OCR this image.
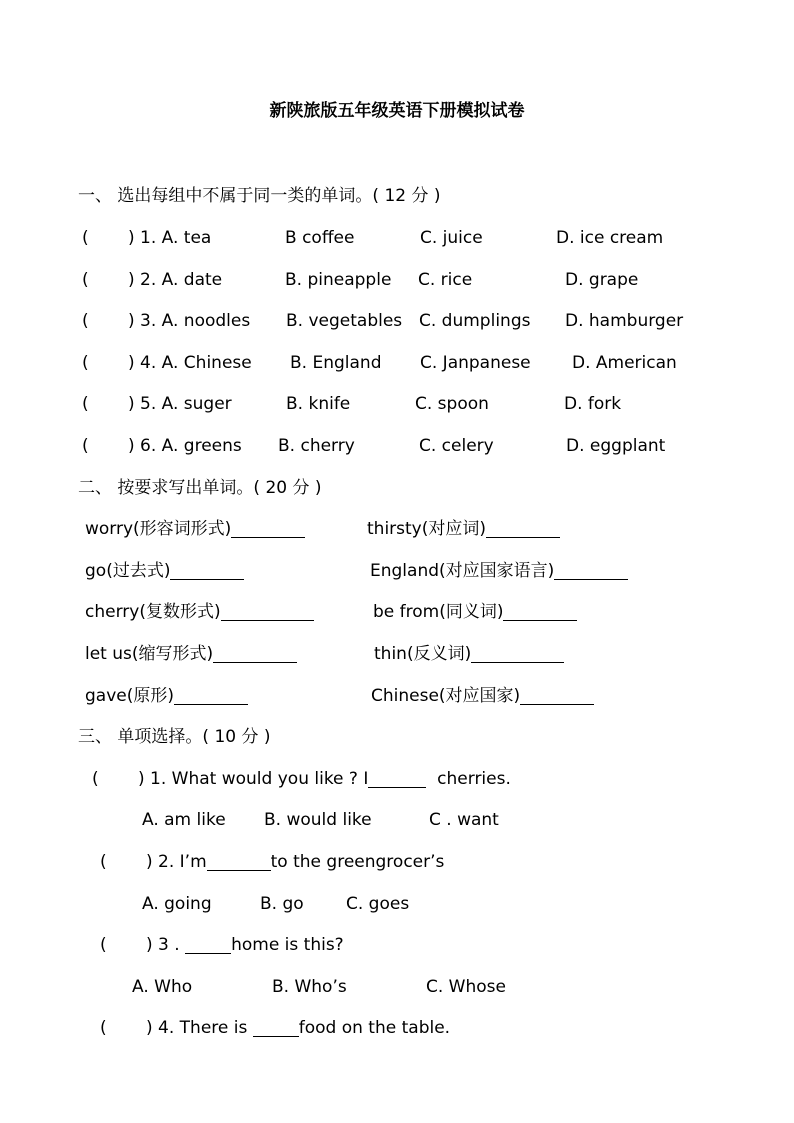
新陕旅版五年级英语下册模拟试卷
一、 选出每组中不属于同一类的单词。( 12 分 )
( ) 1. A. tea	B coffee	C. juice	D. ice cream
( ) 2. A. date	B. pineapple C. rice	D. grape
( ) 3. A. noodles B. vegetables C. dumplings D. hamburger
( ) 4. A. Chinese B. England C. Janpanese D. American
( ) 5. A. suger	B. knife	C. spoon	D. fork
( ) 6. A. greens B. cherry	C. celery	D. eggplant
二、 按要求写出单词。( 20 分 )
worry(形容词形式)	thirsty(对应词)
go(过去式)	England(对应国家语言)
cherry(复数形式)	be from(同义词)
let us(缩写形式)	thin(反义词)
gave(原形)	Chinese(对应国家)
三、 单项选择。( 10 分 )
( ) 1. What would you like ? I	cherries.
A. am like B. would like	C . want
( ) 2. I’m	to the greengrocer’s
A. going	B. go C. goes
( ) 3 .	home is this?
A. Who	B. Who’s	C. Whose
( ) 4. There is	food on the table.
